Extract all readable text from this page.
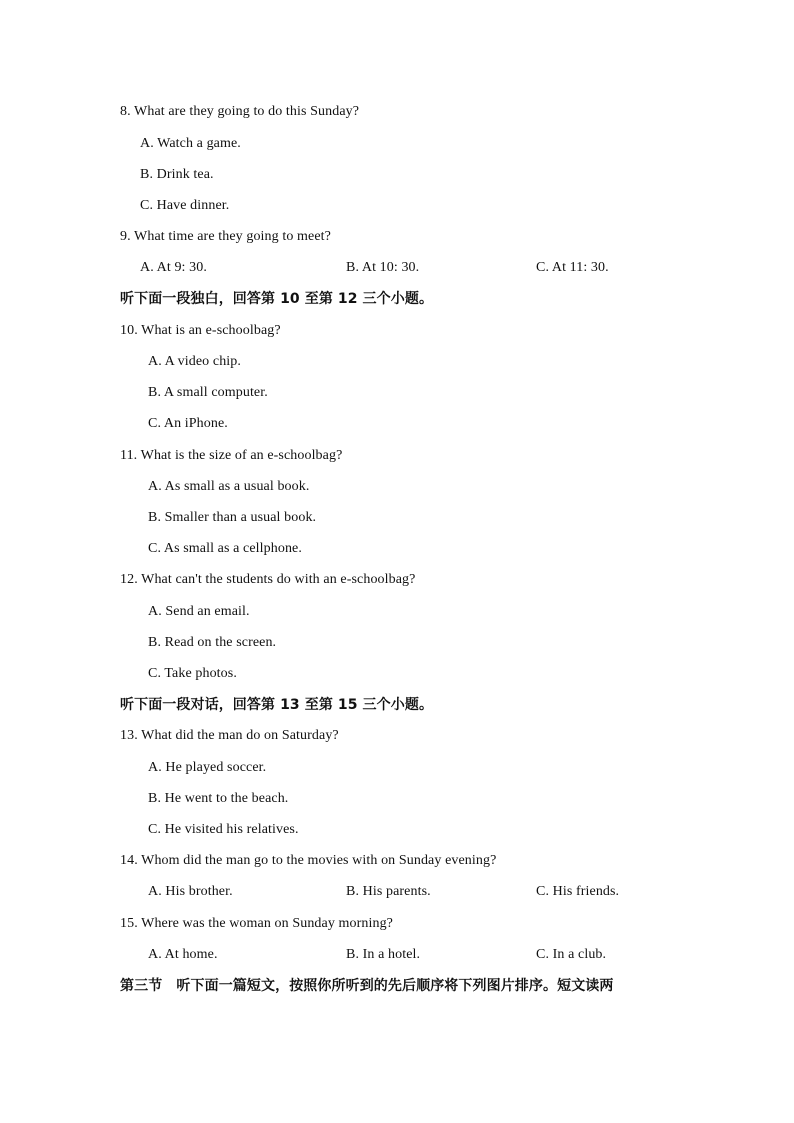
8. What are they going to do this Sunday?
A. Watch a game.
B. Drink tea.
C. Have dinner.
9. What time are they going to meet?
A. At 9: 30.	B. At 10: 30.	C. At 11: 30.
听下面一段独白，回答第 10 至第 12 三个小题。
10. What is an e-schoolbag?
A. A video chip.
B. A small computer.
C. An iPhone.
11. What is the size of an e-schoolbag?
A. As small as a usual book.
B. Smaller than a usual book.
C. As small as a cellphone.
12. What can't the students do with an e-schoolbag?
A. Send an email.
B. Read on the screen.
C. Take photos.
听下面一段对话，回答第 13 至第 15 三个小题。
13. What did the man do on Saturday?
A. He played soccer.
B. He went to the beach.
C. He visited his relatives.
14. Whom did the man go to the movies with on Sunday evening?
A. His brother.	B. His parents.	C. His friends.
15. Where was the woman on Sunday morning?
A. At home.	B. In a hotel.	C. In a club.
第三节　听下面一篇短文，按照你所听到的先后顺序将下列图片排序。短文读两
